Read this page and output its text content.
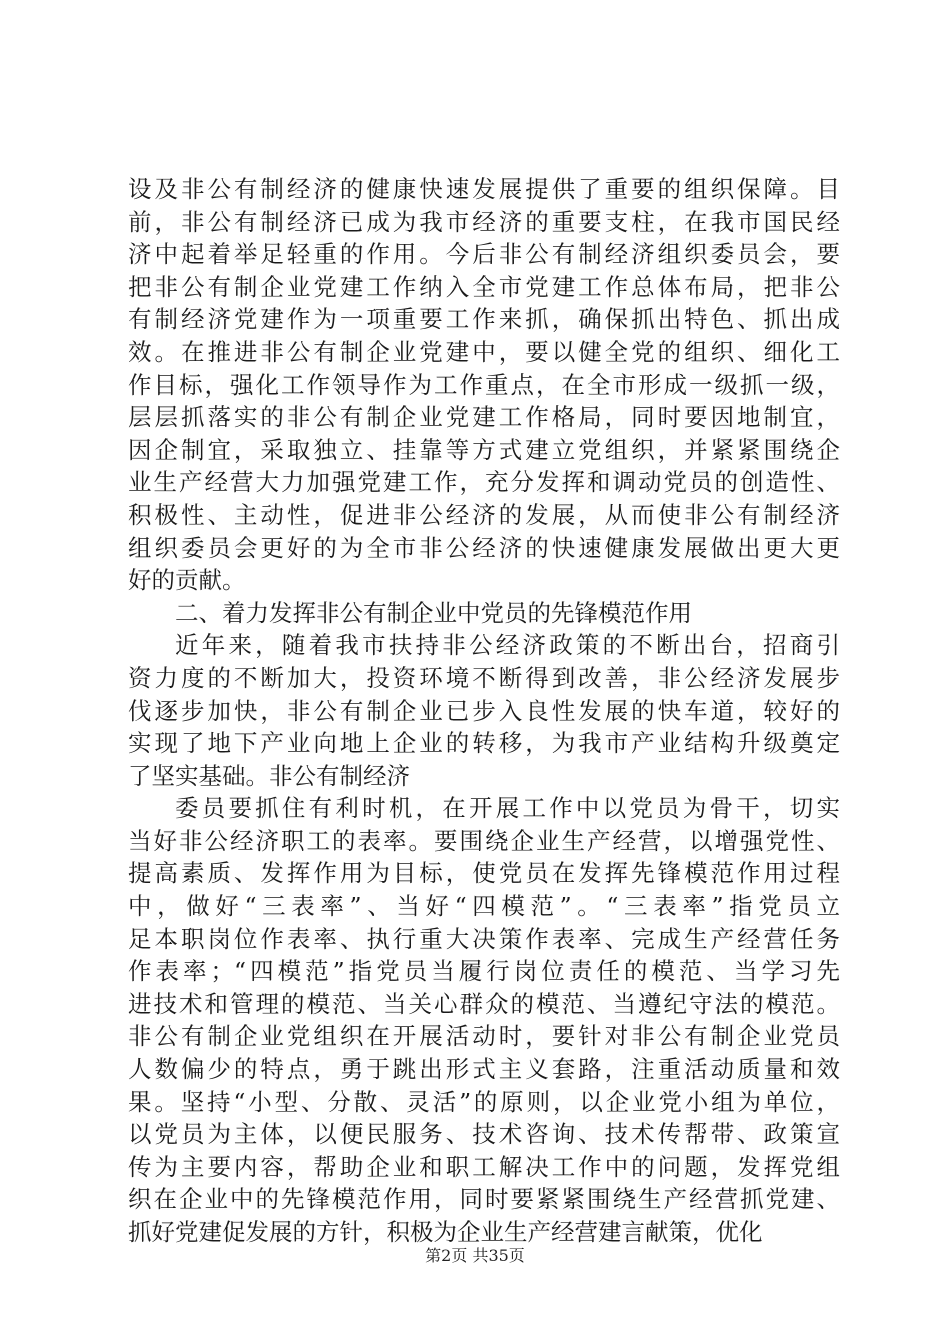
设及非公有制经济的健康快速发展提供了重要的组织保障。目
前，非公有制经济已成为我市经济的重要支柱，在我市国民经
济中起着举足轻重的作用。今后非公有制经济组织委员会，要
把非公有制企业党建工作纳入全市党建工作总体布局，把非公
有制经济党建作为一项重要工作来抓，确保抓出特色、抓出成
效。在推进非公有制企业党建中，要以健全党的组织、细化工
作目标，强化工作领导作为工作重点，在全市形成一级抓一级，
层层抓落实的非公有制企业党建工作格局，同时要因地制宜，
因企制宜，采取独立、挂靠等方式建立党组织，并紧紧围绕企
业生产经营大力加强党建工作，充分发挥和调动党员的创造性、
积极性、主动性，促进非公经济的发展，从而使非公有制经济
组织委员会更好的为全市非公经济的快速健康发展做出更大更
好的贡献。
二、着力发挥非公有制企业中党员的先锋模范作用
近年来，随着我市扶持非公经济政策的不断出台，招商引
资力度的不断加大，投资环境不断得到改善，非公经济发展步
伐逐步加快，非公有制企业已步入良性发展的快车道，较好的
实现了地下产业向地上企业的转移，为我市产业结构升级奠定
了坚实基础。非公有制经济
委员要抓住有利时机，在开展工作中以党员为骨干，切实
当好非公经济职工的表率。要围绕企业生产经营，以增强党性、
提高素质、发挥作用为目标，使党员在发挥先锋模范作用过程
中，做好“三表率”、当好“四模范”。“三表率”指党员立
足本职岗位作表率、执行重大决策作表率、完成生产经营任务
作表率；“四模范”指党员当履行岗位责任的模范、当学习先
进技术和管理的模范、当关心群众的模范、当遵纪守法的模范。
非公有制企业党组织在开展活动时，要针对非公有制企业党员
人数偏少的特点，勇于跳出形式主义套路，注重活动质量和效
果。坚持“小型、分散、灵活”的原则，以企业党小组为单位，
以党员为主体，以便民服务、技术咨询、技术传帮带、政策宣
传为主要内容，帮助企业和职工解决工作中的问题，发挥党组
织在企业中的先锋模范作用，同时要紧紧围绕生产经营抓党建、
抓好党建促发展的方针，积极为企业生产经营建言献策，优化
第2页 共35页
